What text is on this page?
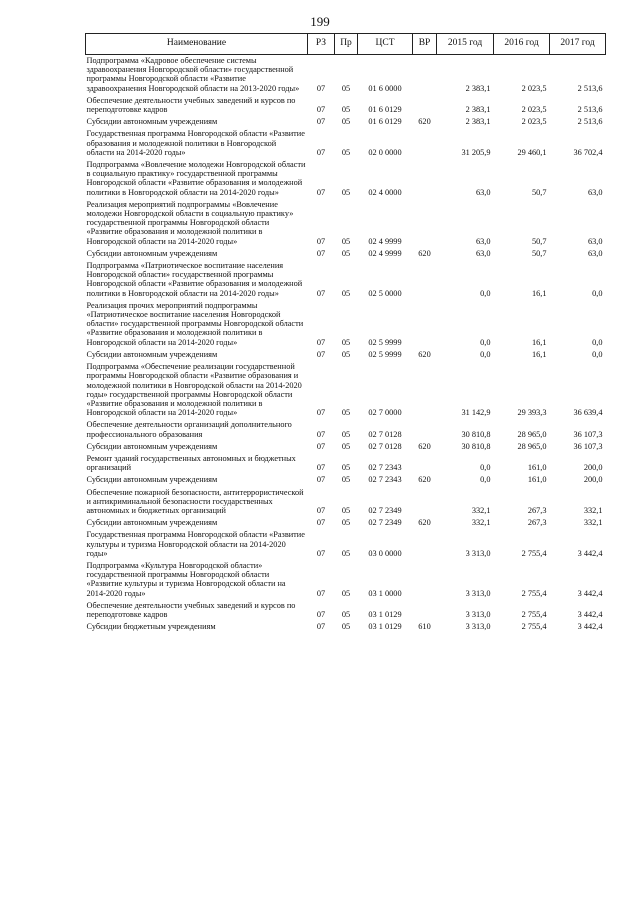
199
Наименование	РЗ	Пр	ЦСТ	ВР	2015 год	2016 год	2017 год
Подпрограмма «Кадровое обеспечение системы здравоохранения Новгородской области» государственной программы Новгородской области «Развитие здравоохранения Новгородской области на 2013-2020 годы»	07	05	01 6 0000		2 383,1	2 023,5	2 513,6
Обеспечение деятельности учебных заведений и курсов по переподготовке кадров	07	05	01 6 0129		2 383,1	2 023,5	2 513,6
Субсидии автономным учреждениям	07	05	01 6 0129	620	2 383,1	2 023,5	2 513,6
Государственная программа Новгородской области «Развитие образования и молодежной политики в Новгородской области на 2014-2020 годы»	07	05	02 0 0000		31 205,9	29 460,1	36 702,4
Подпрограмма «Вовлечение молодежи Новгородской области в социальную практику» государственной программы Новгородской области «Развитие образования и молодежной политики в Новгородской области на 2014-2020 годы»	07	05	02 4 0000		63,0	50,7	63,0
Реализация мероприятий подпрограммы «Вовлечение молодежи Новгородской области в социальную практику» государственной программы Новгородской области «Развитие образования и молодежной политики в Новгородской области на 2014-2020 годы»	07	05	02 4 9999		63,0	50,7	63,0
Субсидии автономным учреждениям	07	05	02 4 9999	620	63,0	50,7	63,0
Подпрограмма «Патриотическое воспитание населения Новгородской области» государственной программы Новгородской области «Развитие образования и молодежной политики в Новгородской области на 2014-2020 годы»	07	05	02 5 0000		0,0	16,1	0,0
Реализация прочих мероприятий подпрограммы «Патриотическое воспитание населения Новгородской области» государственной программы Новгородской области «Развитие образования и молодежной политики в Новгородской области на 2014-2020 годы»	07	05	02 5 9999		0,0	16,1	0,0
Субсидии автономным учреждениям	07	05	02 5 9999	620	0,0	16,1	0,0
Подпрограмма «Обеспечение реализации государственной программы Новгородской области «Развитие образования и молодежной политики в Новгородской области на 2014-2020 годы» государственной программы Новгородской области «Развитие образования и молодежной политики в Новгородской области на 2014-2020 годы»	07	05	02 7 0000		31 142,9	29 393,3	36 639,4
Обеспечение деятельности организаций дополнительного профессионального образования	07	05	02 7 0128		30 810,8	28 965,0	36 107,3
Субсидии автономным учреждениям	07	05	02 7 0128	620	30 810,8	28 965,0	36 107,3
Ремонт зданий государственных автономных и бюджетных организаций	07	05	02 7 2343		0,0	161,0	200,0
Субсидии автономным учреждениям	07	05	02 7 2343	620	0,0	161,0	200,0
Обеспечение пожарной безопасности, антитеррористической и антикриминальной безопасности государственных автономных и бюджетных организаций	07	05	02 7 2349		332,1	267,3	332,1
Субсидии автономным учреждениям	07	05	02 7 2349	620	332,1	267,3	332,1
Государственная программа Новгородской области «Развитие культуры и туризма Новгородской области на 2014-2020 годы»	07	05	03 0 0000		3 313,0	2 755,4	3 442,4
Подпрограмма «Культура Новгородской области» государственной программы Новгородской области «Развитие культуры и туризма Новгородской области на 2014-2020 годы»	07	05	03 1 0000		3 313,0	2 755,4	3 442,4
Обеспечение деятельности учебных заведений и курсов по переподготовке кадров	07	05	03 1 0129		3 313,0	2 755,4	3 442,4
Субсидии бюджетным учреждениям	07	05	03 1 0129	610	3 313,0	2 755,4	3 442,4
